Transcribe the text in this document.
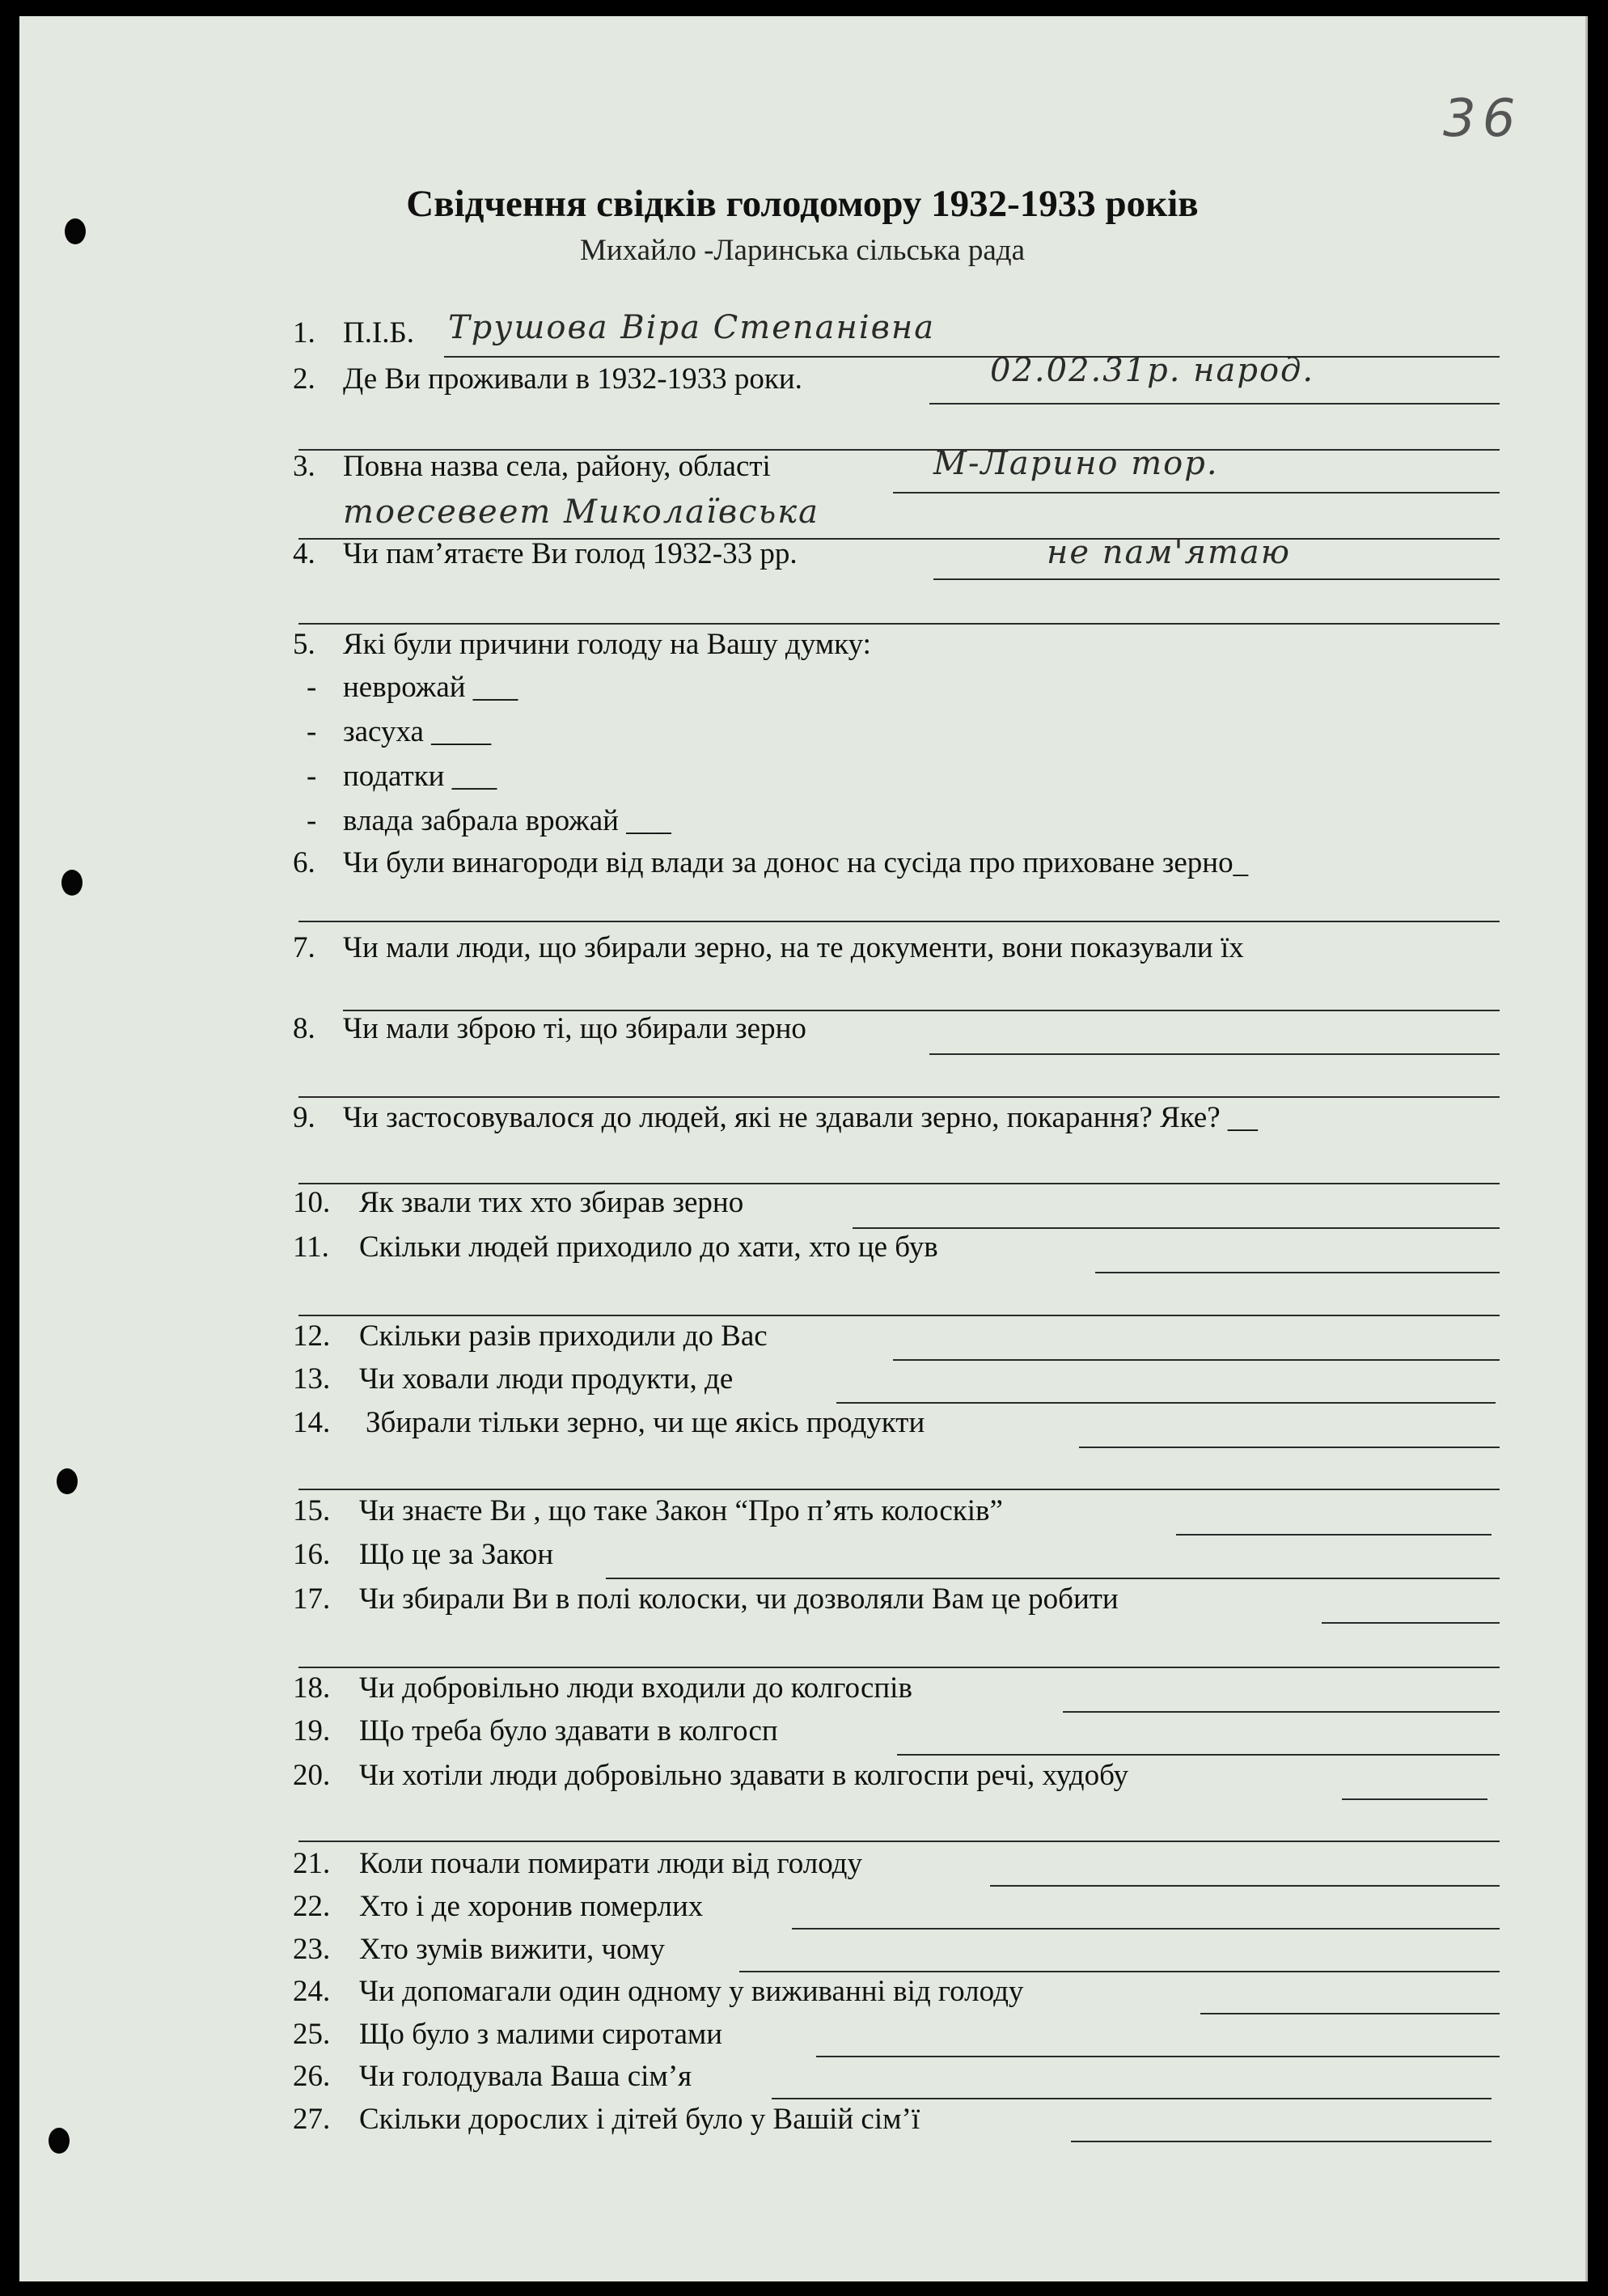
36
Свідчення свідків голодомору 1932-1933 років
Михайло -Ларинська сільська рада
1. П.І.Б. Трушова Віра Степанівна
2. Де Ви проживали в 1932-1933 роки.	02.02.31р. народ.
3. Повна назва села, району, області	М-Ларино тор.
тоесевеет Миколаївська
4. Чи пам’ятаєте Ви голод 1932-33 рр.	не пам'ятаю
5. Які були причини голоду на Вашу думку:
- неврожай ___
- засуха ____
- податки ___
- влада забрала врожай ___
6. Чи були винагороди від влади за донос на сусіда про приховане зерно_
7. Чи мали люди, що збирали зерно, на те документи, вони показували їх
8. Чи мали зброю ті, що збирали зерно
9. Чи застосовувалося до людей, які не здавали зерно, покарання? Яке? __
10. Як звали тих хто збирав зерно
11. Скільки людей приходило до хати, хто це був
12. Скільки разів приходили до Вас
13. Чи ховали люди продукти, де
14. Збирали тільки зерно, чи ще якісь продукти
15. Чи знаєте Ви , що таке Закон “Про п’ять колосків”
16. Що це за Закон
17. Чи збирали Ви в полі колоски, чи дозволяли Вам це робити
18. Чи добровільно люди входили до колгоспів
19. Що треба було здавати в колгосп
20. Чи хотіли люди добровільно здавати в колгоспи речі, худобу
21. Коли почали помирати люди від голоду
22. Хто і де хоронив померлих
23. Хто зумів вижити, чому
24. Чи допомагали один одному у виживанні від голоду
25. Що було з малими сиротами
26. Чи голодувала Ваша сім’я
27. Скільки дорослих і дітей було у Вашій сім’ї
